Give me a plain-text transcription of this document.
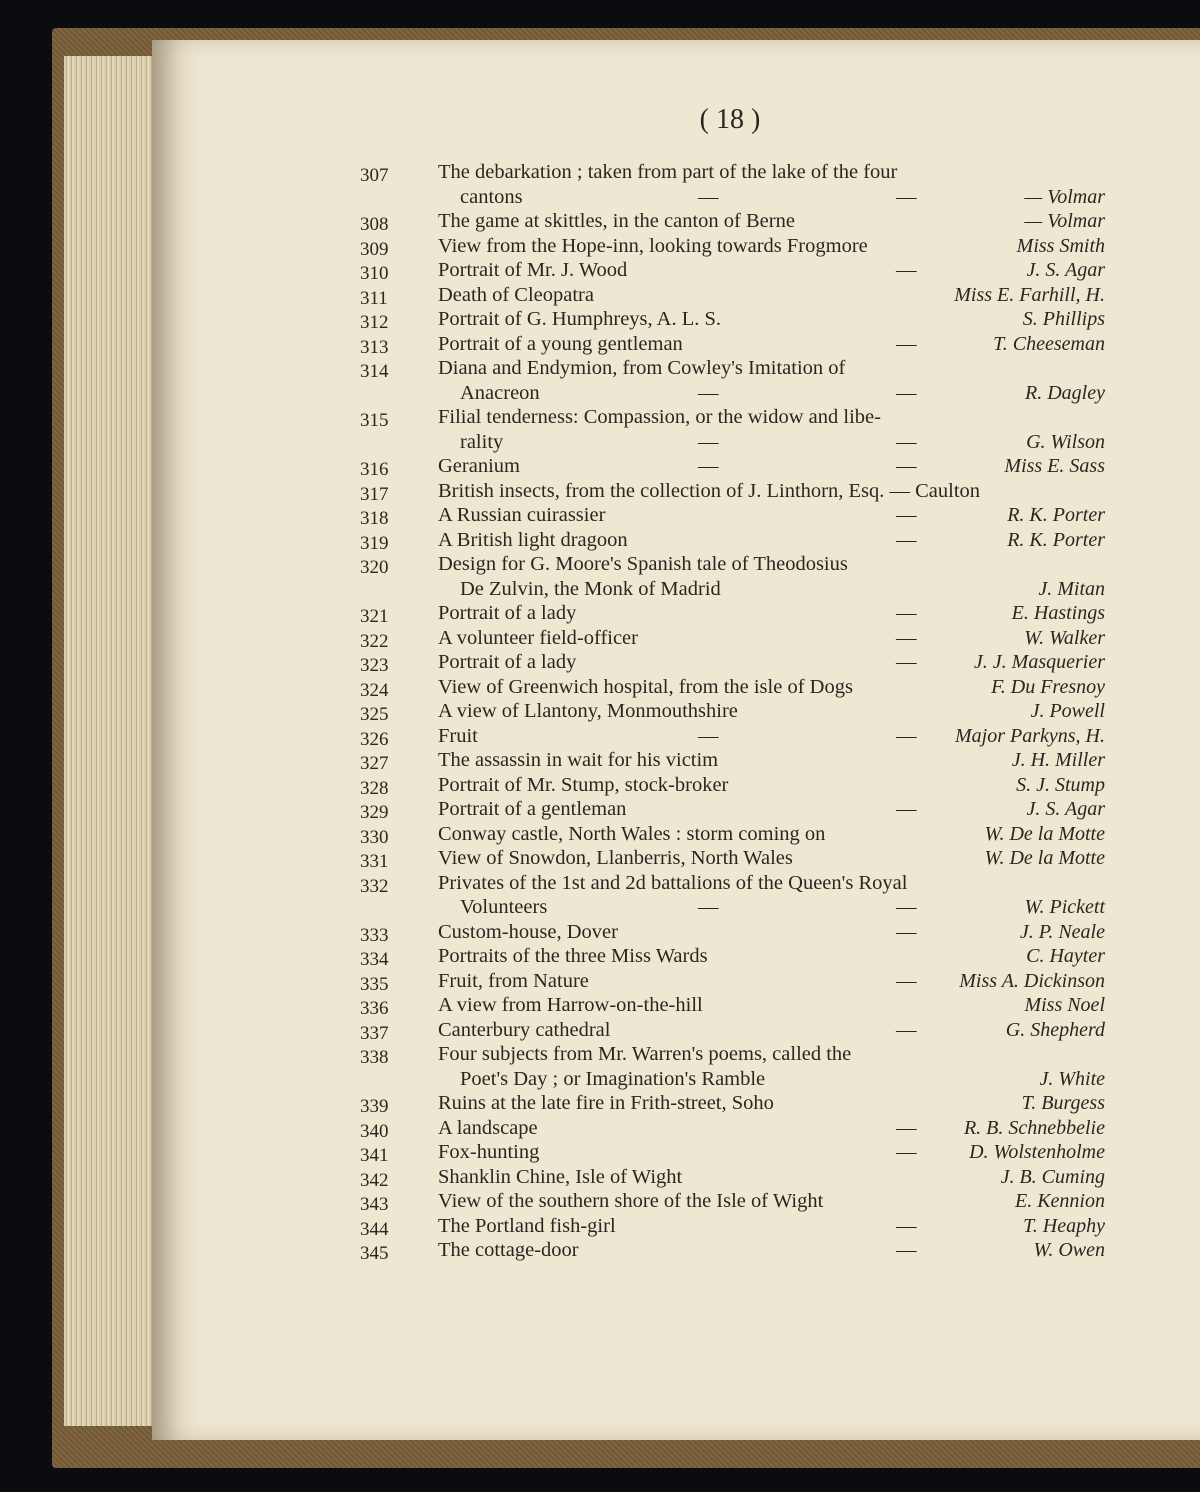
( 18 )
307	The debarkation ; taken from part of the lake of the four
cantons	—	—	— Volmar
308	The game at skittles, in the canton of Berne	— Volmar
309	View from the Hope-inn, looking towards Frogmore	Miss Smith
310	Portrait of Mr. J. Wood	—	J. S. Agar
311	Death of Cleopatra	Miss E. Farhill, H.
312	Portrait of G. Humphreys, A. L. S.	S. Phillips
313	Portrait of a young gentleman	—	T. Cheeseman
314	Diana and Endymion, from Cowley's Imitation of
Anacreon	—	—	R. Dagley
315	Filial tenderness: Compassion, or the widow and libe-
rality	—	—	G. Wilson
316	Geranium	—	—	Miss E. Sass
317	British insects, from the collection of J. Linthorn, Esq. — Caulton
318	A Russian cuirassier	—	R. K. Porter
319	A British light dragoon	—	R. K. Porter
320	Design for G. Moore's Spanish tale of Theodosius
De Zulvin, the Monk of Madrid	J. Mitan
321	Portrait of a lady	—	E. Hastings
322	A volunteer field-officer	—	W. Walker
323	Portrait of a lady	—	J. J. Masquerier
324	View of Greenwich hospital, from the isle of Dogs	F. Du Fresnoy
325	A view of Llantony, Monmouthshire	J. Powell
326	Fruit	—	— Major Parkyns, H.
327	The assassin in wait for his victim	J. H. Miller
328	Portrait of Mr. Stump, stock-broker	S. J. Stump
329	Portrait of a gentleman	—	J. S. Agar
330	Conway castle, North Wales : storm coming on	W. De la Motte
331	View of Snowdon, Llanberris, North Wales	W. De la Motte
332	Privates of the 1st and 2d battalions of the Queen's Royal
Volunteers	—	—	W. Pickett
333	Custom-house, Dover	—	J. P. Neale
334	Portraits of the three Miss Wards	C. Hayter
335	Fruit, from Nature	— Miss A. Dickinson
336	A view from Harrow-on-the-hill	Miss Noel
337	Canterbury cathedral	—	G. Shepherd
338	Four subjects from Mr. Warren's poems, called the
Poet's Day ; or Imagination's Ramble	J. White
339	Ruins at the late fire in Frith-street, Soho	T. Burgess
340	A landscape	— R. B. Schnebbelie
341	Fox-hunting	—	D. Wolstenholme
342	Shanklin Chine, Isle of Wight	J. B. Cuming
343	View of the southern shore of the Isle of Wight	E. Kennion
344	The Portland fish-girl	—	T. Heaphy
345	The cottage-door	—	W. Owen
